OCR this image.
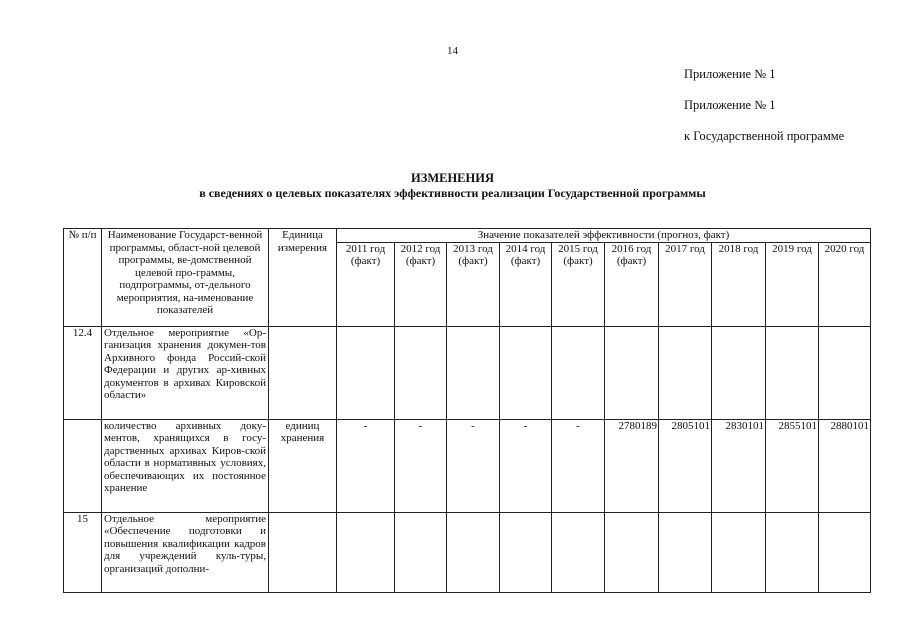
14
Приложение № 1
Приложение № 1
к Государственной программе
ИЗМЕНЕНИЯ
в сведениях о целевых показателях эффективности реализации Государственной программы
№ п/п	Наименование Государст-венной программы, област-ной целевой программы, ве-домственной целевой про-граммы, подпрограммы, от-дельного мероприятия, на-именование показателей	Единица измерения	Значение показателей эффективности (прогноз, факт)									
			2011 год (факт)	2012 год (факт)	2013 год (факт)	2014 год (факт)	2015 год (факт)	2016 год (факт)	2017 год	2018 год	2019 год	2020 год
12.4	Отдельное мероприятие «Ор-ганизация хранения докумен-тов Архивного фонда Россий-ской Федерации и других ар-хивных документов в архивах Кировской области»											
	количество архивных доку-ментов, хранящихся в госу-дарственных архивах Киров-ской области в нормативных условиях, обеспечивающих их постоянное хранение	единиц хранения	-	-	-	-	-	2780189	2805101	2830101	2855101	2880101
15	Отдельное мероприятие «Обеспечение подготовки и повышения квалификации кадров для учреждений куль-туры, организаций дополни-											
